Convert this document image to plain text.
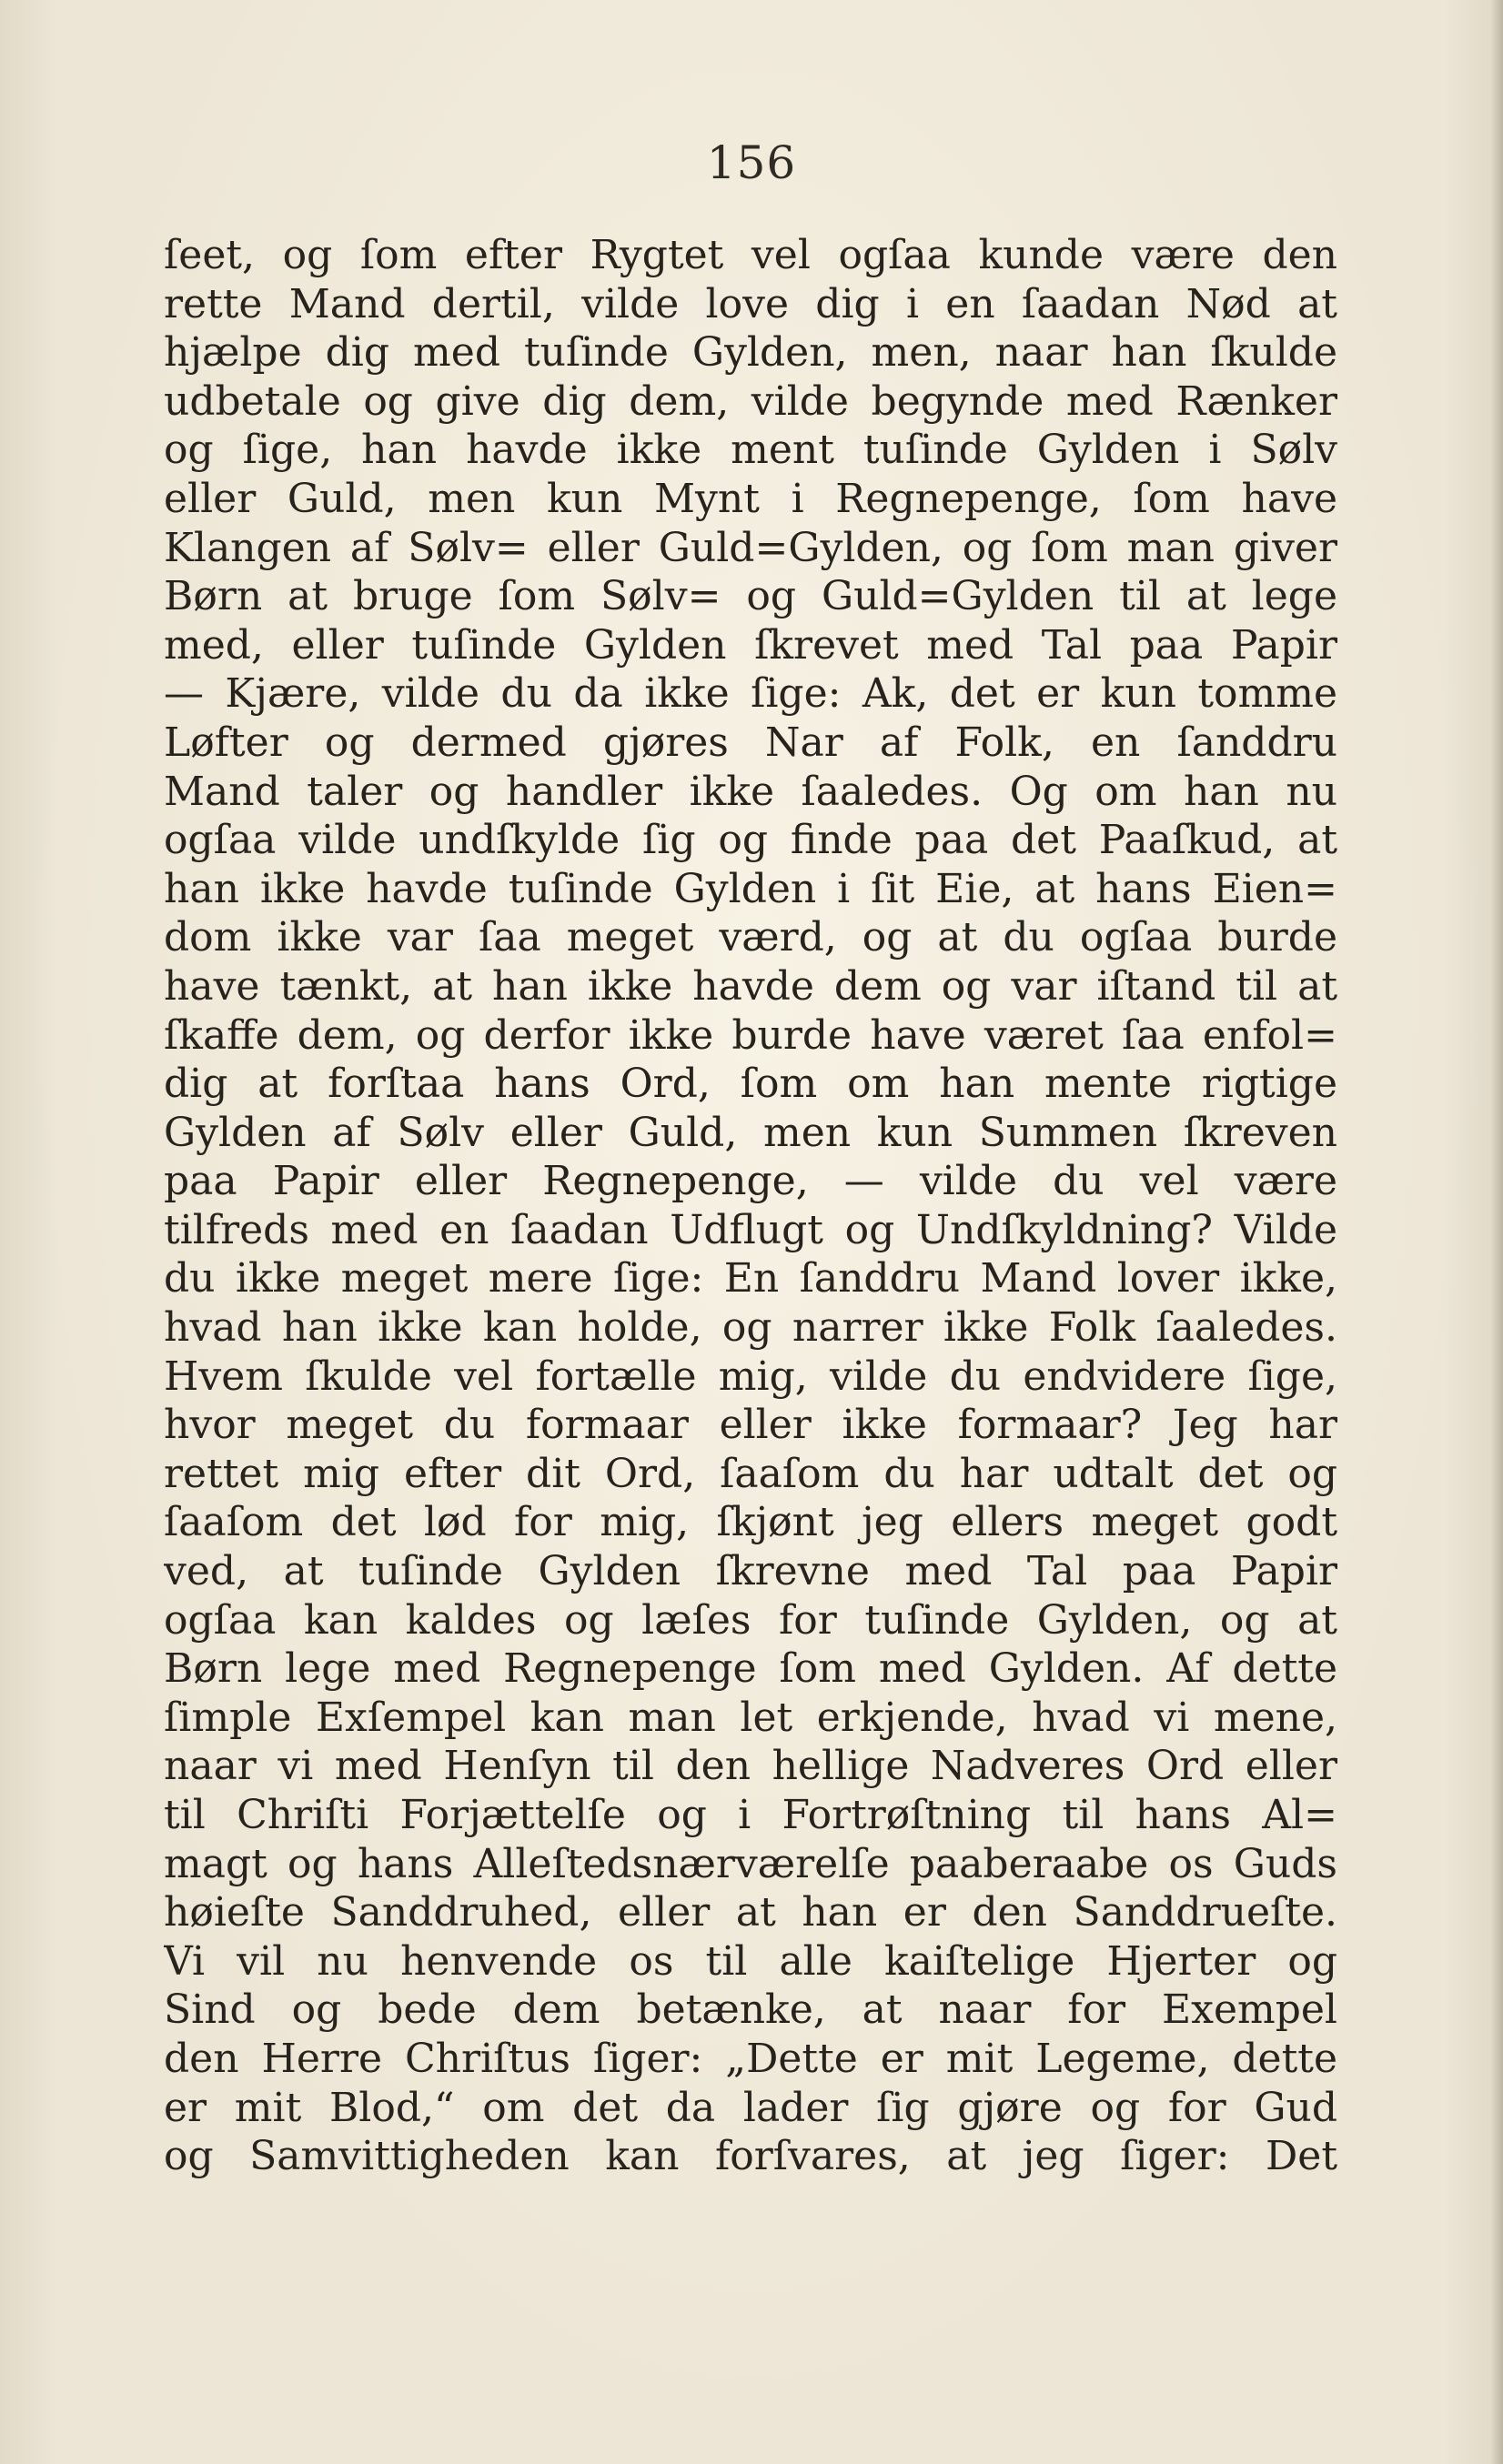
156
ſeet, og ſom efter Rygtet vel ogſaa kunde være den
rette Mand dertil, vilde love dig i en ſaadan Nød at
hjælpe dig med tuſinde Gylden, men, naar han ſkulde
udbetale og give dig dem, vilde begynde med Rænker
og ſige, han havde ikke ment tuſinde Gylden i Sølv
eller Guld, men kun Mynt i Regnepenge, ſom have
Klangen af Sølv= eller Guld=Gylden, og ſom man giver
Børn at bruge ſom Sølv= og Guld=Gylden til at lege
med, eller tuſinde Gylden ſkrevet med Tal paa Papir
— Kjære, vilde du da ikke ſige: Ak, det er kun tomme
Løfter og dermed gjøres Nar af Folk, en ſanddru
Mand taler og handler ikke ſaaledes. Og om han nu
ogſaa vilde undſkylde ſig og finde paa det Paaſkud, at
han ikke havde tuſinde Gylden i ſit Eie, at hans Eien=
dom ikke var ſaa meget værd, og at du ogſaa burde
have tænkt, at han ikke havde dem og var iſtand til at
ſkaffe dem, og derfor ikke burde have været ſaa enfol=
dig at forſtaa hans Ord, ſom om han mente rigtige
Gylden af Sølv eller Guld, men kun Summen ſkreven
paa Papir eller Regnepenge, — vilde du vel være
tilfreds med en ſaadan Udflugt og Undſkyldning? Vilde
du ikke meget mere ſige: En ſanddru Mand lover ikke,
hvad han ikke kan holde, og narrer ikke Folk ſaaledes.
Hvem ſkulde vel fortælle mig, vilde du endvidere ſige,
hvor meget du formaar eller ikke formaar? Jeg har
rettet mig efter dit Ord, ſaaſom du har udtalt det og
ſaaſom det lød for mig, ſkjønt jeg ellers meget godt
ved, at tuſinde Gylden ſkrevne med Tal paa Papir
ogſaa kan kaldes og læſes for tuſinde Gylden, og at
Børn lege med Regnepenge ſom med Gylden. Af dette
ſimple Exſempel kan man let erkjende, hvad vi mene,
naar vi med Henſyn til den hellige Nadveres Ord eller
til Chriſti Forjættelſe og i Fortrøſtning til hans Al=
magt og hans Alleſtedsnærværelſe paaberaabe os Guds
høieſte Sanddruhed, eller at han er den Sanddrueſte.
Vi vil nu henvende os til alle kaiſtelige Hjerter og
Sind og bede dem betænke, at naar for Exempel
den Herre Chriſtus ſiger: „Dette er mit Legeme, dette
er mit Blod,“ om det da lader ſig gjøre og for Gud
og Samvittigheden kan forſvares, at jeg ſiger: Det
